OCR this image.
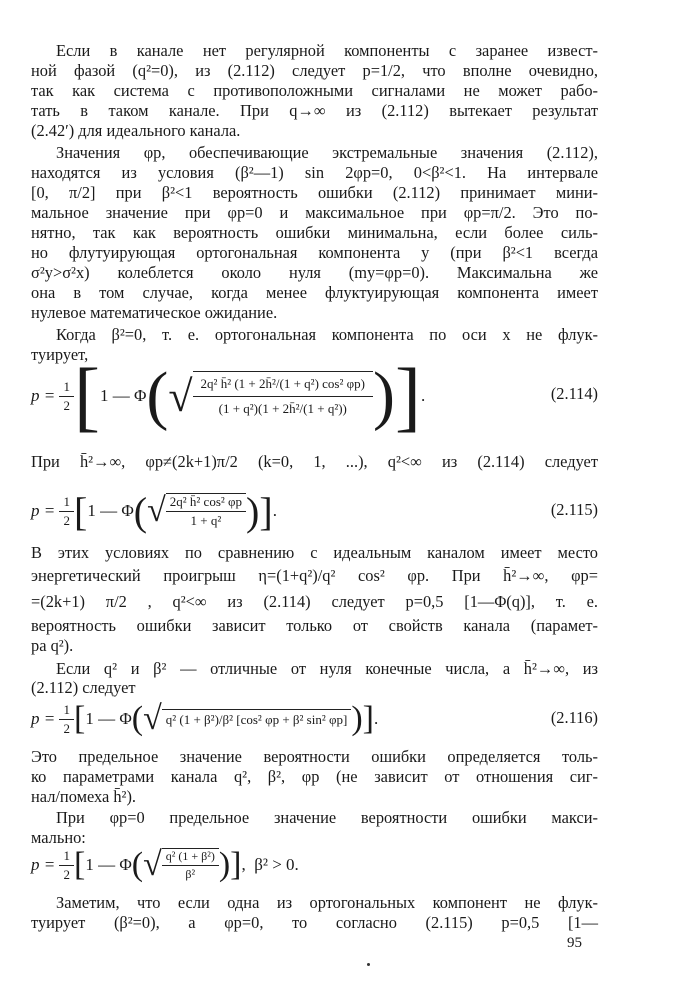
Если в канале нет регулярной компоненты с заранее извест-
ной фазой (q²=0), из (2.112) следует p=1/2, что вполне очевидно,
так как система с противоположными сигналами не может рабо-
тать в таком канале. При q→∞ из (2.112) вытекает результат
(2.42′) для идеального канала.
Значения φр, обеспечивающие экстремальные значения (2.112),
находятся из условия (β²—1) sin 2φр=0, 0<β²<1. На интервале
[0, π/2] при β²<1 вероятность ошибки (2.112) принимает мини-
мальное значение при φр=0 и максимальное при φр=π/2. Это по-
нятно, так как вероятность ошибки минимальна, если более силь-
но флутуирующая ортогональная компонента y (при β²<1 всегда
σ²y>σ²x) колеблется около нуля (my=φр=0). Максимальна же
она в том случае, когда менее флуктуирующая компонента имеет
нулевое математическое ожидание.
Когда β²=0, т. е. ортогональная компонента по оси x не флук-
туирует,
p =
$\frac{1}{2}$ [ 1 — Φ ( √ $\frac{\text{2q² h̄² (1 + 2h̄²/(1 + q²) cos² φр)}}{\text{(1 + q²)(1 + 2h̄²/(1 + q²))}}$ ) ] .	(2.114)
При h̄²→∞, φр≠(2k+1)π/2 (k=0, 1, ...), q²<∞ из (2.114) следует
p =
$\frac{1}{2}$ [ 1 — Φ ( √ $\frac{\text{2q² h̄² cos² φр}}{\text{1 + q²}}$ ) ] .	(2.115)
В этих условиях по сравнению с идеальным каналом имеет место
энергетический проигрыш η=(1+q²)/q² cos² φр. При h̄²→∞, φр=
=(2k+1) π/2 , q²<∞ из (2.114) следует p=0,5 [1—Φ(q)], т. е.
вероятность ошибки зависит только от свойств канала (парамет-
ра q²).
Если q² и β² — отличные от нуля конечные числа, а h̄²→∞, из
(2.112) следует
p =
$\frac{1}{2}$ [ 1 — Φ ( √ q² (1 + β²)/β² [cos² φр + β² sin² φр] ) ] .	(2.116)
Это предельное значение вероятности ошибки определяется толь-
ко параметрами канала q², β², φр (не зависит от отношения сиг-
нал/помеха h̄²).
При φр=0 предельное значение вероятности ошибки макси-
мально:
p =
$\frac{1}{2}$ [ 1 — Φ ( √ $\frac{\text{q² (1 + β²)}}{\text{β²}}$ ) ] , β² > 0.
Заметим, что если одна из ортогональных компонент не флук-
туирует (β²=0), а φр=0, то согласно (2.115) p=0,5 [1—
95
